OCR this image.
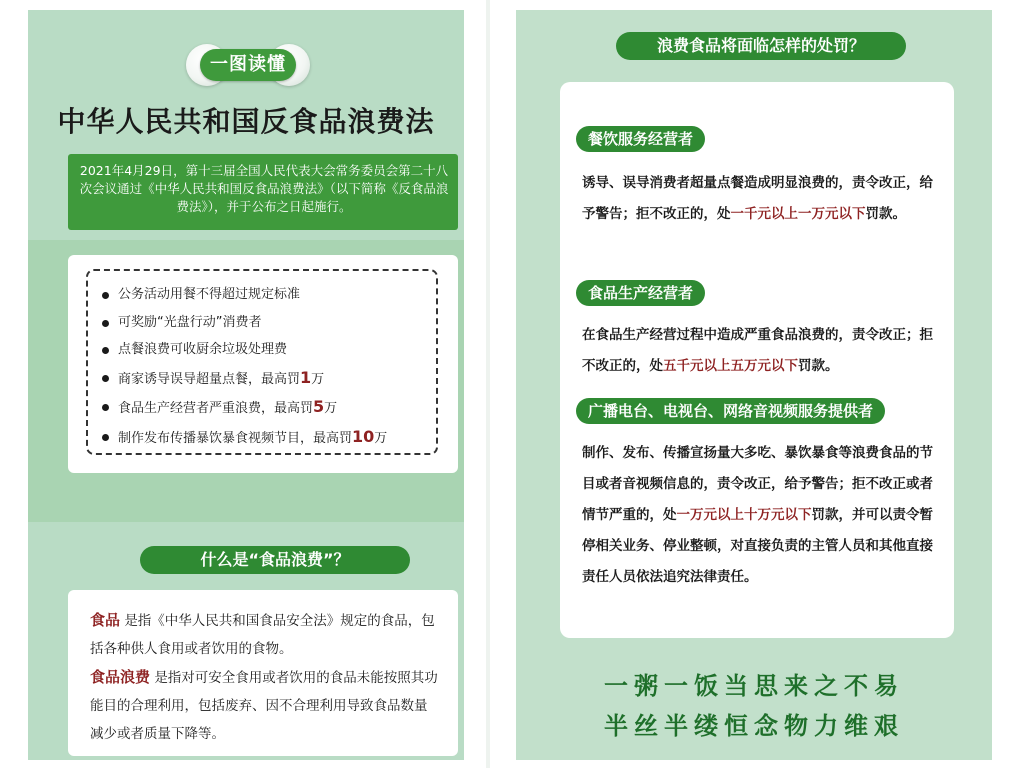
一图读懂
中华人民共和国反食品浪费法
2021年4月29日，第十三届全国人民代表大会常务委员会第二十八次会议通过《中华人民共和国反食品浪费法》（以下简称《反食品浪费法》），并于公布之日起施行。
公务活动用餐不得超过规定标准
可奖励“光盘行动”消费者
点餐浪费可收厨余垃圾处理费
商家诱导误导超量点餐，最高罚1万
食品生产经营者严重浪费，最高罚5万
制作发布传播暴饮暴食视频节目，最高罚10万
什么是“食品浪费”？
食品 是指《中华人民共和国食品安全法》规定的食品，包括各种供人食用或者饮用的食物。
食品浪费 是指对可安全食用或者饮用的食品未能按照其功能目的合理利用，包括废弃、因不合理利用导致食品数量减少或者质量下降等。
浪费食品将面临怎样的处罚？
餐饮服务经营者
诱导、误导消费者超量点餐造成明显浪费的，责令改正，给予警告；拒不改正的，处一千元以上一万元以下罚款。
食品生产经营者
在食品生产经营过程中造成严重食品浪费的，责令改正；拒不改正的，处五千元以上五万元以下罚款。
广播电台、电视台、网络音视频服务提供者
制作、发布、传播宣扬量大多吃、暴饮暴食等浪费食品的节目或者音视频信息的，责令改正，给予警告；拒不改正或者情节严重的，处一万元以上十万元以下罚款，并可以责令暂停相关业务、停业整顿，对直接负责的主管人员和其他直接责任人员依法追究法律责任。
一粥一饭当思来之不易
半丝半缕恒念物力维艰
